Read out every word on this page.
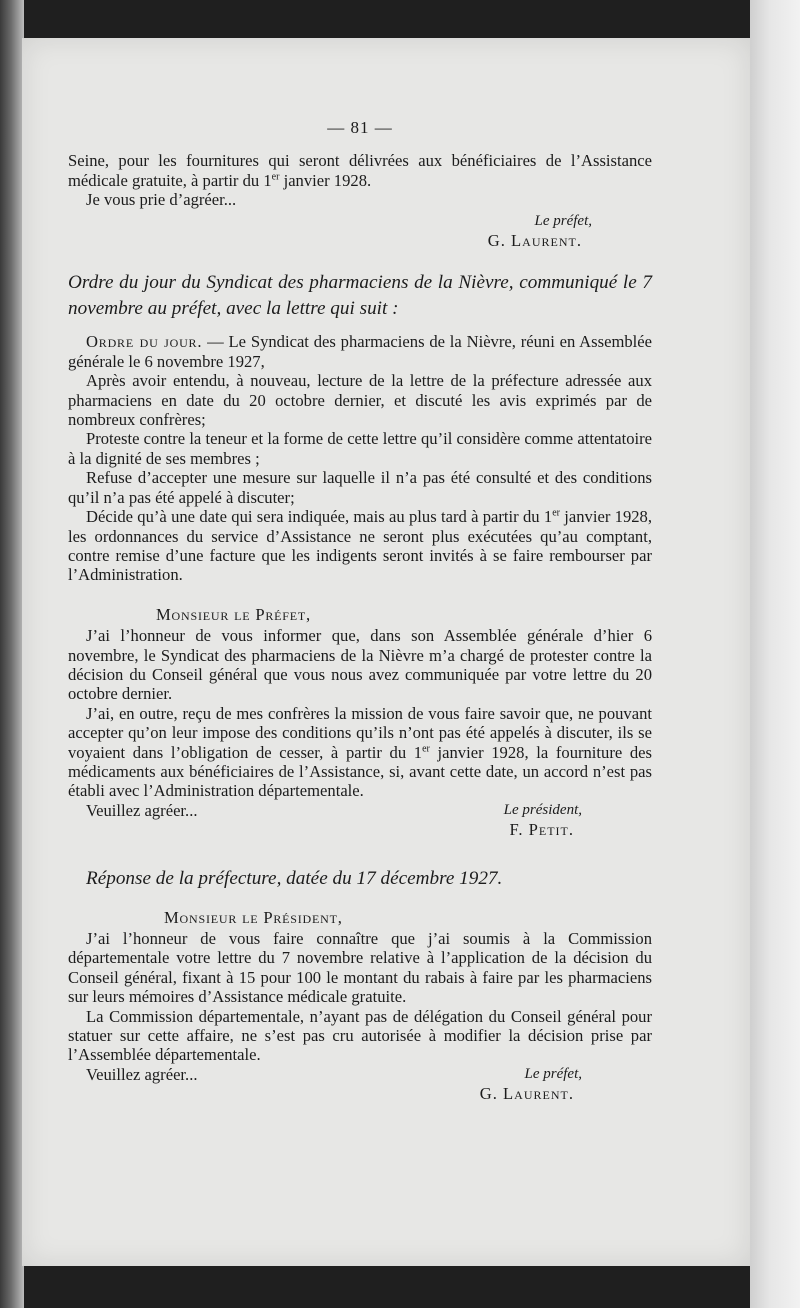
— 81 —

Seine, pour les fournitures qui seront délivrées aux bénéficiaires de l’Assistance médicale gratuite, à partir du 1er janvier 1928.

Je vous prie d’agréer...

Le préfet,
G. Laurent.
Ordre du jour du Syndicat des pharmaciens de la Nièvre, communiqué le 7 novembre au préfet, avec la lettre qui suit :

Ordre du jour. — Le Syndicat des pharmaciens de la Nièvre, réuni en Assemblée générale le 6 novembre 1927,

Après avoir entendu, à nouveau, lecture de la lettre de la préfecture adressée aux pharmaciens en date du 20 octobre dernier, et discuté les avis exprimés par de nombreux confrères;

Proteste contre la teneur et la forme de cette lettre qu’il considère comme attentatoire à la dignité de ses membres ;

Refuse d’accepter une mesure sur laquelle il n’a pas été consulté et des conditions qu’il n’a pas été appelé à discuter;

Décide qu’à une date qui sera indiquée, mais au plus tard à partir du 1er janvier 1928, les ordonnances du service d’Assistance ne seront plus exécutées qu’au comptant, contre remise d’une facture que les indigents seront invités à se faire rembourser par l’Administration.

Monsieur le Préfet,

J’ai l’honneur de vous informer que, dans son Assemblée générale d’hier 6 novembre, le Syndicat des pharmaciens de la Nièvre m’a chargé de protester contre la décision du Conseil général que vous nous avez communiquée par votre lettre du 20 octobre dernier.

J’ai, en outre, reçu de mes confrères la mission de vous faire savoir que, ne pouvant accepter qu’on leur impose des conditions qu’ils n’ont pas été appelés à discuter, ils se voyaient dans l’obligation de cesser, à partir du 1er janvier 1928, la fourniture des médicaments aux bénéficiaires de l’Assistance, si, avant cette date, un accord n’est pas établi avec l’Administration départementale.

Veuillez agréer...	Le président,
F. Petit.
Réponse de la préfecture, datée du 17 décembre 1927.

Monsieur le Président,

J’ai l’honneur de vous faire connaître que j’ai soumis à la Commission départementale votre lettre du 7 novembre relative à l’application de la décision du Conseil général, fixant à 15 pour 100 le montant du rabais à faire par les pharmaciens sur leurs mémoires d’Assistance médicale gratuite.

La Commission départementale, n’ayant pas de délégation du Conseil général pour statuer sur cette affaire, ne s’est pas cru autorisée à modifier la décision prise par l’Assemblée départementale.

Veuillez agréer...	Le préfet,
G. Laurent.
